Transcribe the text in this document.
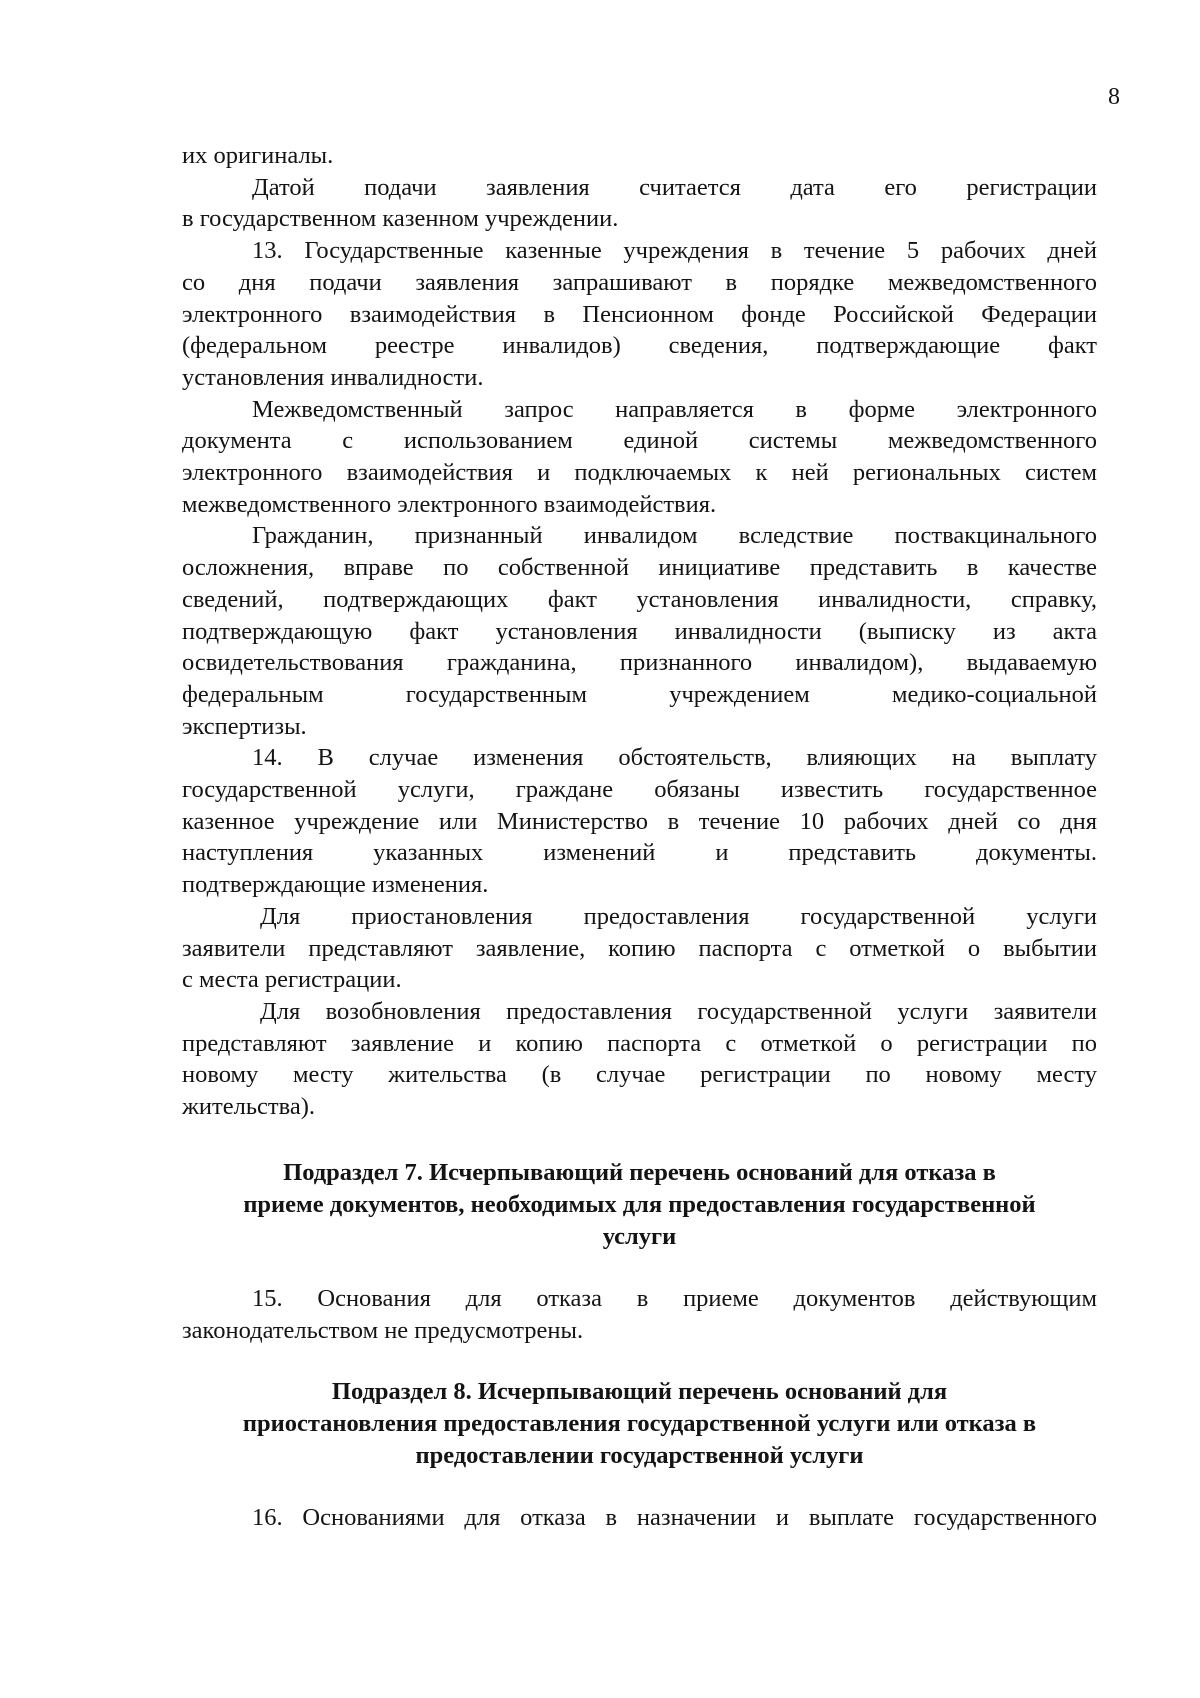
8
их оригиналы.
Датой подачи заявления считается дата его регистрации
в государственном казенном учреждении.
13. Государственные казенные учреждения в течение 5 рабочих дней
со дня подачи заявления запрашивают в порядке межведомственного
электронного взаимодействия в Пенсионном фонде Российской Федерации
(федеральном реестре инвалидов) сведения, подтверждающие факт
установления инвалидности.
Межведомственный запрос направляется в форме электронного
документа с использованием единой системы межведомственного
электронного взаимодействия и подключаемых к ней региональных систем
межведомственного электронного взаимодействия.
Гражданин, признанный инвалидом вследствие поствакцинального
осложнения, вправе по собственной инициативе представить в качестве
сведений, подтверждающих факт установления инвалидности, справку,
подтверждающую факт установления инвалидности (выписку из акта
освидетельствования гражданина, признанного инвалидом), выдаваемую
федеральным государственным учреждением медико-социальной
экспертизы.
14. В случае изменения обстоятельств, влияющих на выплату
государственной услуги, граждане обязаны известить государственное
казенное учреждение или Министерство в течение 10 рабочих дней со дня
наступления указанных изменений и представить документы.
подтверждающие изменения.
Для приостановления предоставления государственной услуги
заявители представляют заявление, копию паспорта с отметкой о выбытии
с места регистрации.
Для возобновления предоставления государственной услуги заявители
представляют заявление и копию паспорта с отметкой о регистрации по
новому месту жительства (в случае регистрации по новому месту
жительства).
Подраздел 7. Исчерпывающий перечень оснований для отказа в
приеме документов, необходимых для предоставления государственной
услуги
15. Основания для отказа в приеме документов действующим
законодательством не предусмотрены.
Подраздел 8. Исчерпывающий перечень оснований для
приостановления предоставления государственной услуги или отказа в
предоставлении государственной услуги
16. Основаниями для отказа в назначении и выплате государственного
